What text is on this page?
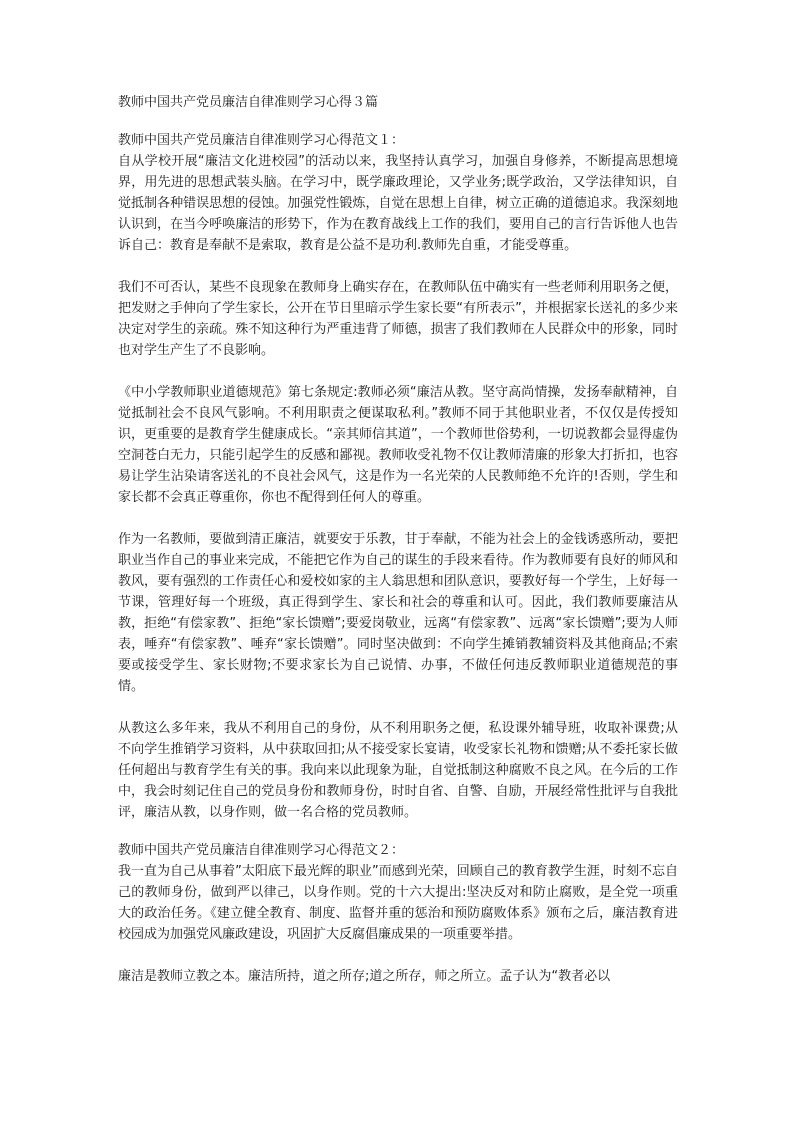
教师中国共产党员廉洁自律准则学习心得３篇

教师中国共产党员廉洁自律准则学习心得范文１：

自从学校开展“廉洁文化进校园”的活动以来，我坚持认真学习，加强自身修养，不断提高思想境界，用先进的思想武装头脑。在学习中，既学廉政理论，又学业务;既学政治，又学法律知识，自觉抵制各种错误思想的侵蚀。加强党性锻炼，自觉在思想上自律，树立正确的道德追求。我深刻地认识到，在当今呼唤廉洁的形势下，作为在教育战线上工作的我们，要用自己的言行告诉他人也告诉自己：教育是奉献不是索取，教育是公益不是功利.教师先自重，才能受尊重。

我们不可否认，某些不良现象在教师身上确实存在，在教师队伍中确实有一些老师利用职务之便，把发财之手伸向了学生家长，公开在节日里暗示学生家长要“有所表示”，并根据家长送礼的多少来决定对学生的亲疏。殊不知这种行为严重违背了师德，损害了我们教师在人民群众中的形象，同时也对学生产生了不良影响。

《中小学教师职业道德规范》第七条规定:教师必须“廉洁从教。坚守高尚情操，发扬奉献精神，自觉抵制社会不良风气影响。不利用职责之便谋取私利。”教师不同于其他职业者，不仅仅是传授知识，更重要的是教育学生健康成长。“亲其师信其道”，一个教师世俗势利，一切说教都会显得虚伪空洞苍白无力，只能引起学生的反感和鄙视。教师收受礼物不仅让教师清廉的形象大打折扣，也容易让学生沾染请客送礼的不良社会风气，这是作为一名光荣的人民教师绝不允许的!否则，学生和家长都不会真正尊重你，你也不配得到任何人的尊重。

作为一名教师，要做到清正廉洁，就要安于乐教，甘于奉献，不能为社会上的金钱诱惑所动，要把职业当作自己的事业来完成，不能把它作为自己的谋生的手段来看待。作为教师要有良好的师风和教风，要有强烈的工作责任心和爱校如家的主人翁思想和团队意识，要教好每一个学生，上好每一节课，管理好每一个班级，真正得到学生、家长和社会的尊重和认可。因此，我们教师要廉洁从教，拒绝“有偿家教”、拒绝“家长馈赠”;要爱岗敬业，远离“有偿家教”、远离“家长馈赠”;要为人师表，唾弃“有偿家教”、唾弃“家长馈赠”。同时坚决做到：不向学生摊销教辅资料及其他商品;不索要或接受学生、家长财物;不要求家长为自己说情、办事，不做任何违反教师职业道德规范的事情。

从教这么多年来，我从不利用自己的身份，从不利用职务之便，私设课外辅导班，收取补课费;从不向学生推销学习资料，从中获取回扣;从不接受家长宴请，收受家长礼物和馈赠;从不委托家长做任何超出与教育学生有关的事。我向来以此现象为耻，自觉抵制这种腐败不良之风。在今后的工作中，我会时刻记住自己的党员身份和教师身份，时时自省、自警、自励，开展经常性批评与自我批评，廉洁从教，以身作则，做一名合格的党员教师。

教师中国共产党员廉洁自律准则学习心得范文２：

我一直为自己从事着”太阳底下最光辉的职业”而感到光荣，回顾自己的教育教学生涯，时刻不忘自己的教师身份，做到严以律己，以身作则。党的十六大提出:坚决反对和防止腐败，是全党一项重大的政治任务。《建立健全教育、制度、监督并重的惩治和预防腐败体系》颁布之后，廉洁教育进校园成为加强党风廉政建设，巩固扩大反腐倡廉成果的一项重要举措。

廉洁是教师立教之本。廉洁所持，道之所存;道之所存，师之所立。孟子认为“教者必以
